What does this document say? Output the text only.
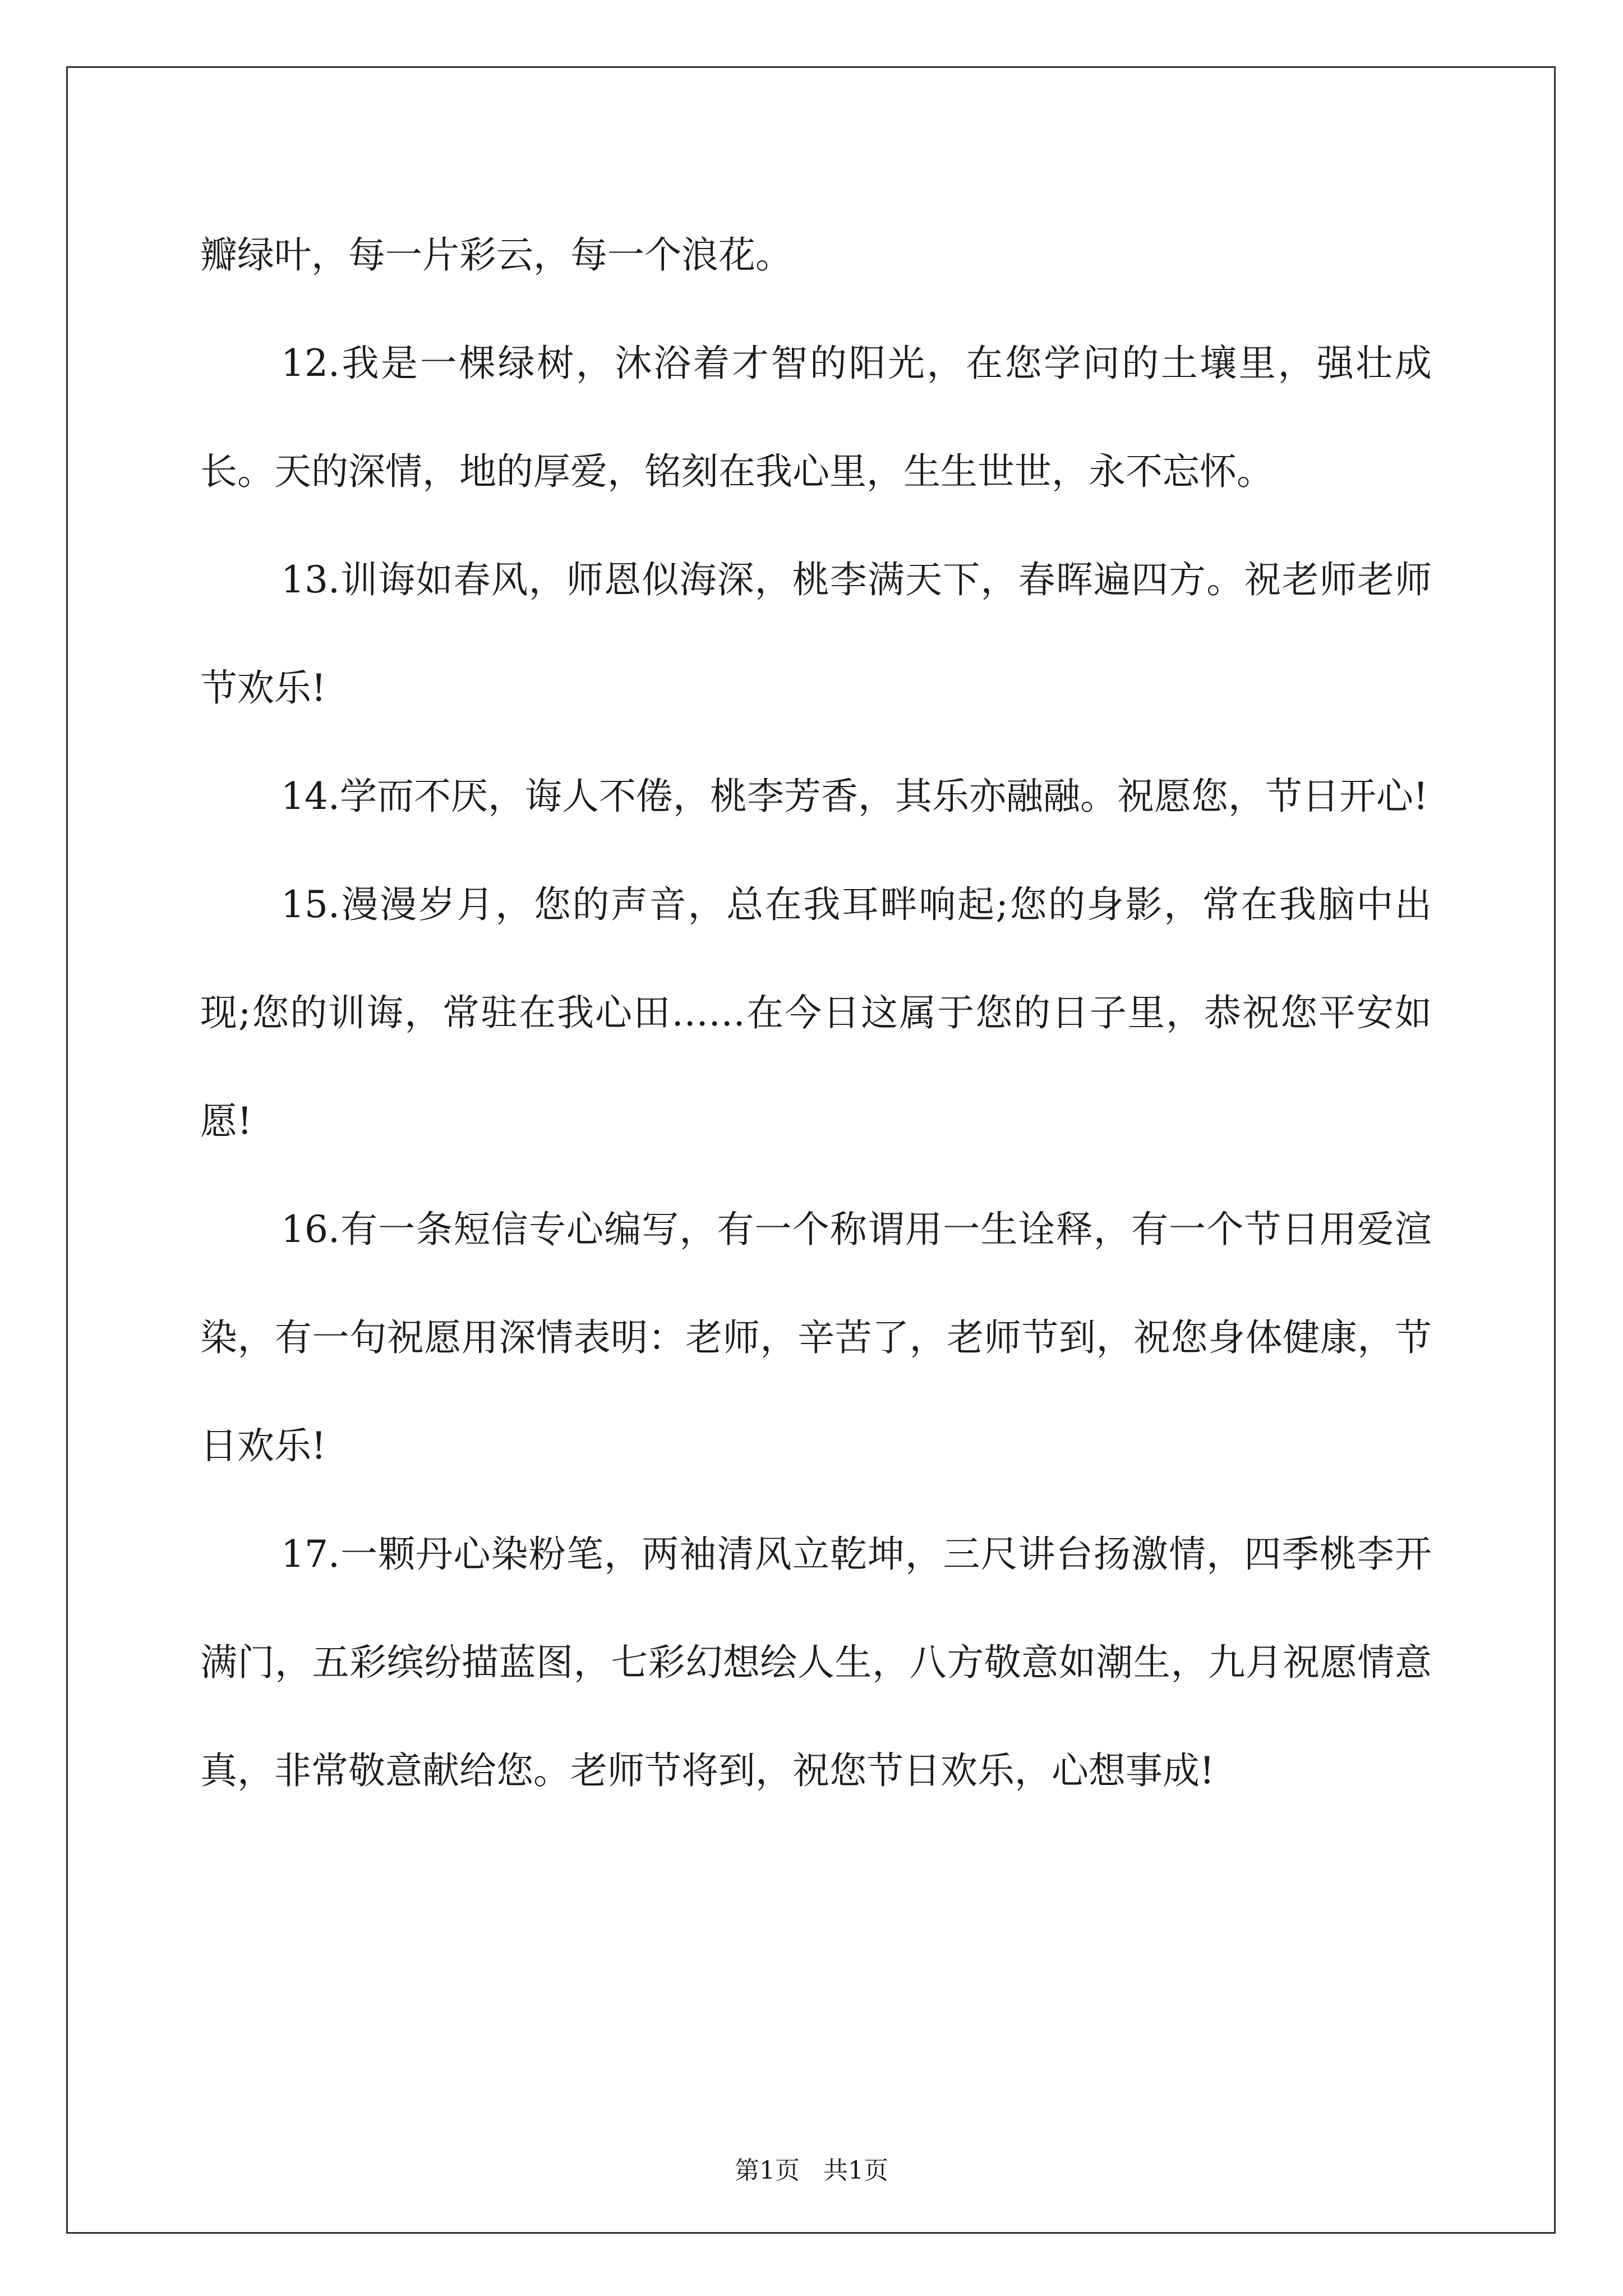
瓣绿叶，每一片彩云，每一个浪花。

12.我是一棵绿树，沐浴着才智的阳光，在您学问的土壤里，强壮成长。天的深情，地的厚爱，铭刻在我心里，生生世世，永不忘怀。

13.训诲如春风，师恩似海深，桃李满天下，春晖遍四方。祝老师老师节欢乐!

14.学而不厌，诲人不倦，桃李芳香，其乐亦融融。祝愿您，节日开心!

15.漫漫岁月，您的声音，总在我耳畔响起;您的身影，常在我脑中出现;您的训诲，常驻在我心田……在今日这属于您的日子里，恭祝您平安如愿!

16.有一条短信专心编写，有一个称谓用一生诠释，有一个节日用爱渲染，有一句祝愿用深情表明：老师，辛苦了，老师节到，祝您身体健康，节日欢乐!

17.一颗丹心染粉笔，两袖清风立乾坤，三尺讲台扬激情，四季桃李开满门，五彩缤纷描蓝图，七彩幻想绘人生，八方敬意如潮生，九月祝愿情意真，非常敬意献给您。老师节将到，祝您节日欢乐，心想事成!

第1页   共1页
